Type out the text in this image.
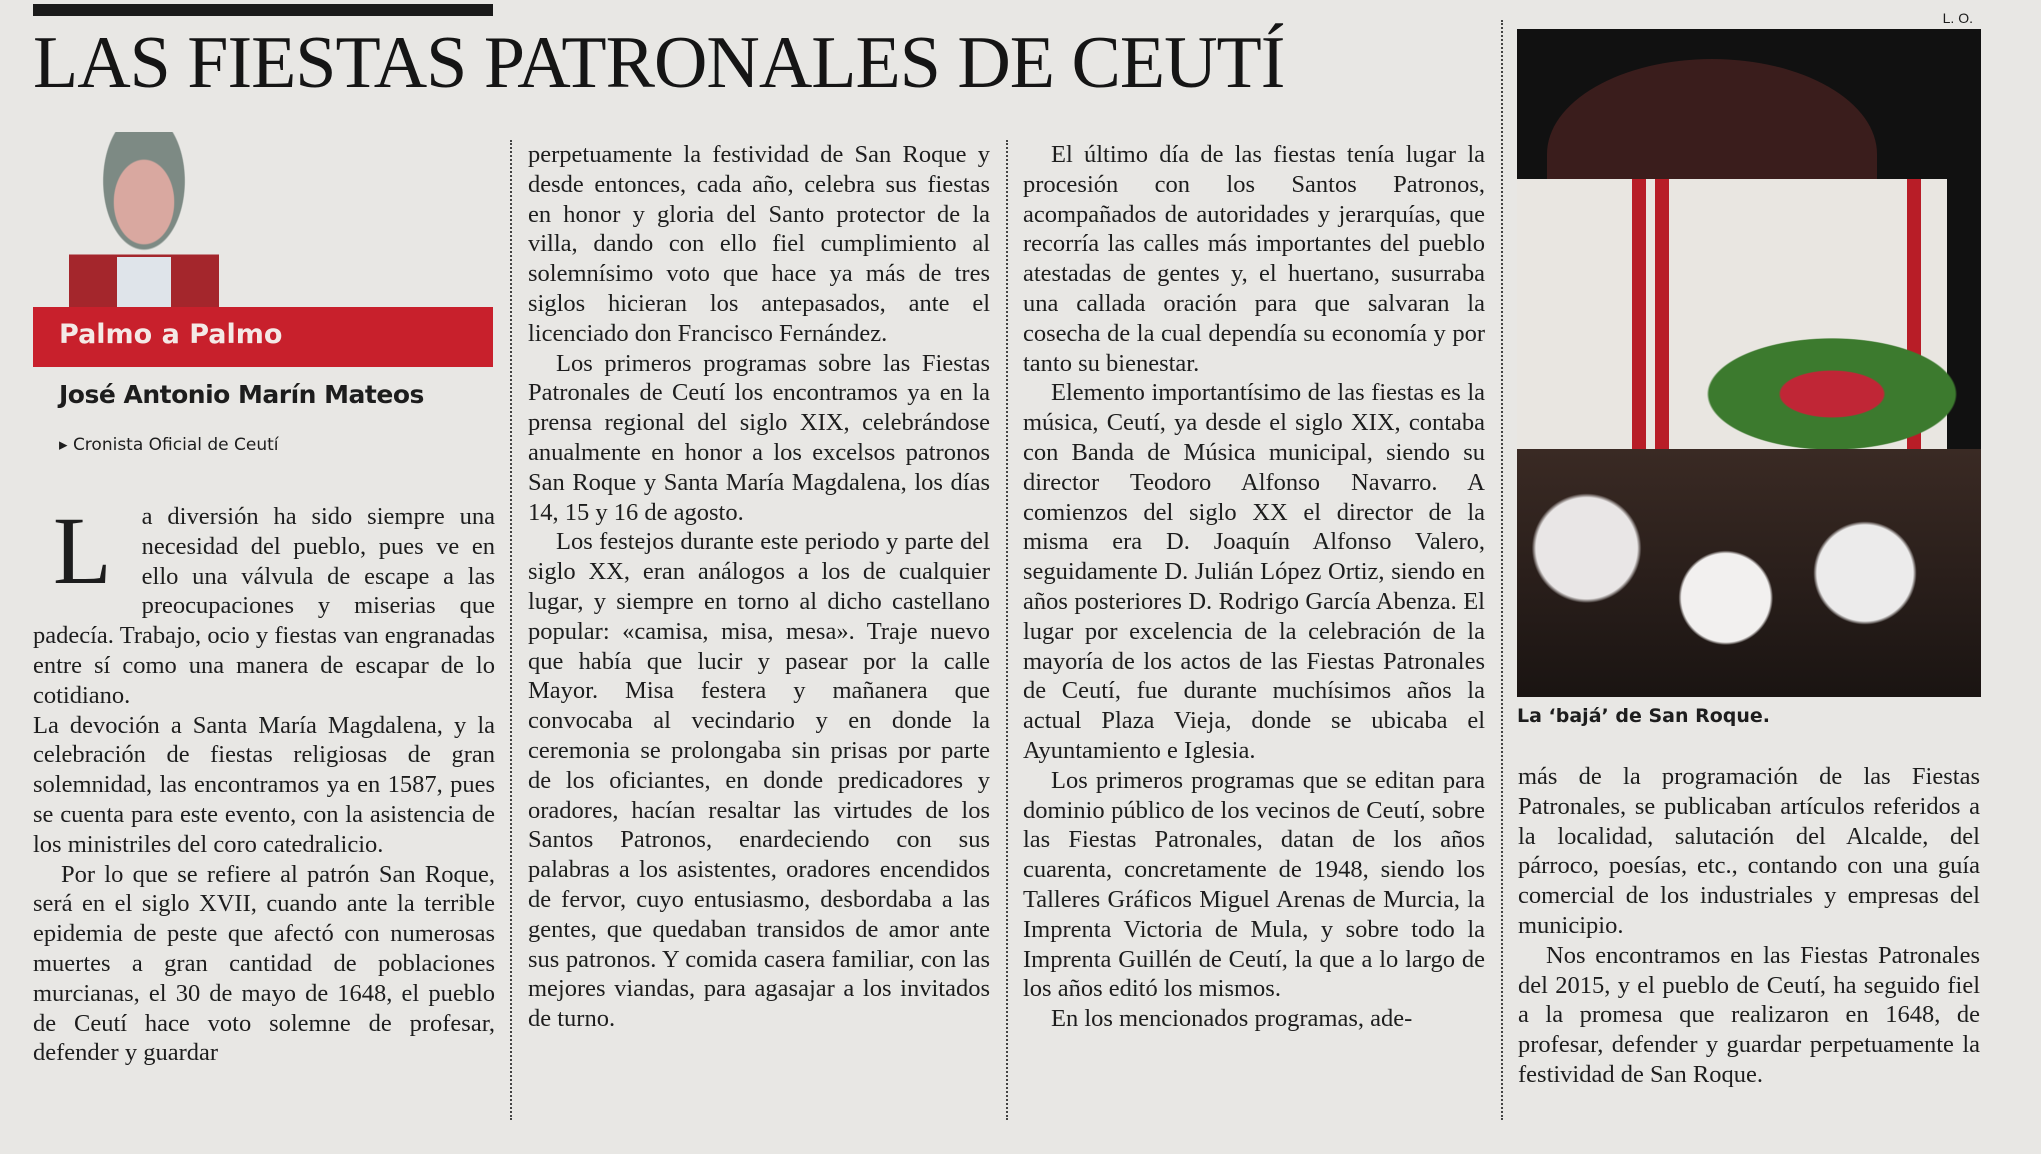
LAS FIESTAS PATRONALES DE CEUTÍ
L. O.
Palmo a Palmo
José Antonio Marín Mateos
▸ Cronista Oficial de Ceutí
L	a diversión ha sido siempre una necesidad del pueblo, pues ve en ello una válvula de escape a las preocupaciones y miserias que padecía. Trabajo, ocio y fiestas van engranadas entre sí como una manera de escapar de lo cotidiano.

La devoción a Santa María Magdalena, y la celebración de fiestas religiosas de gran solemnidad, las encontramos ya en 1587, pues se cuenta para este evento, con la asistencia de los ministriles del coro catedralicio.

Por lo que se refiere al patrón San Roque, será en el siglo XVII, cuando ante la terrible epidemia de peste que afectó con numerosas muertes a gran cantidad de poblaciones murcianas, el 30 de mayo de 1648, el pueblo de Ceutí hace voto solemne de profesar, defender y guardar

perpetuamente la festividad de San Roque y desde entonces, cada año, celebra sus fiestas en honor y gloria del Santo protector de la villa, dando con ello fiel cumplimiento al solemnísimo voto que hace ya más de tres siglos hicieran los antepasados, ante el licenciado don Francisco Fernández.

Los primeros programas sobre las Fiestas Patronales de Ceutí los encontramos ya en la prensa regional del siglo XIX, celebrándose anualmente en honor a los excelsos patronos San Roque y Santa María Magdalena, los días 14, 15 y 16 de agosto.

Los festejos durante este periodo y parte del siglo XX, eran análogos a los de cualquier lugar, y siempre en torno al dicho castellano popular: «camisa, misa, mesa». Traje nuevo que había que lucir y pasear por la calle Mayor. Misa festera y mañanera que convocaba al vecindario y en donde la ceremonia se prolongaba sin prisas por parte de los oficiantes, en donde predicadores y oradores, hacían resaltar las virtudes de los Santos Patronos, enardeciendo con sus palabras a los asistentes, oradores encendidos de fervor, cuyo entusiasmo, desbordaba a las gentes, que quedaban transidos de amor ante sus patronos. Y comida casera familiar, con las mejores viandas, para agasajar a los invitados de turno.

El último día de las fiestas tenía lugar la procesión con los Santos Patronos, acompañados de autoridades y jerarquías, que recorría las calles más importantes del pueblo atestadas de gentes y, el huertano, susurraba una callada oración para que salvaran la cosecha de la cual dependía su economía y por tanto su bienestar.

Elemento importantísimo de las fiestas es la música, Ceutí, ya desde el siglo XIX, contaba con Banda de Música municipal, siendo su director Teodoro Alfonso Navarro. A comienzos del siglo XX el director de la misma era D. Joaquín Alfonso Valero, seguidamente D. Julián López Ortiz, siendo en años posteriores D. Rodrigo García Abenza. El lugar por excelencia de la celebración de la mayoría de los actos de las Fiestas Patronales de Ceutí, fue durante muchísimos años la actual Plaza Vieja, donde se ubicaba el Ayuntamiento e Iglesia.

Los primeros programas que se editan para dominio público de los vecinos de Ceutí, sobre las Fiestas Patronales, datan de los años cuarenta, concretamente de 1948, siendo los Talleres Gráficos Miguel Arenas de Murcia, la Imprenta Victoria de Mula, y sobre todo la Imprenta Guillén de Ceutí, la que a lo largo de los años editó los mismos.

En los mencionados programas, ade-

La ‘bajá’ de San Roque.

más de la programación de las Fiestas Patronales, se publicaban artículos referidos a la localidad, salutación del Alcalde, del párroco, poesías, etc., contando con una guía comercial de los industriales y empresas del municipio.

Nos encontramos en las Fiestas Patronales del 2015, y el pueblo de Ceutí, ha seguido fiel a la promesa que realizaron en 1648, de profesar, defender y guardar perpetuamente la festividad de San Roque.
